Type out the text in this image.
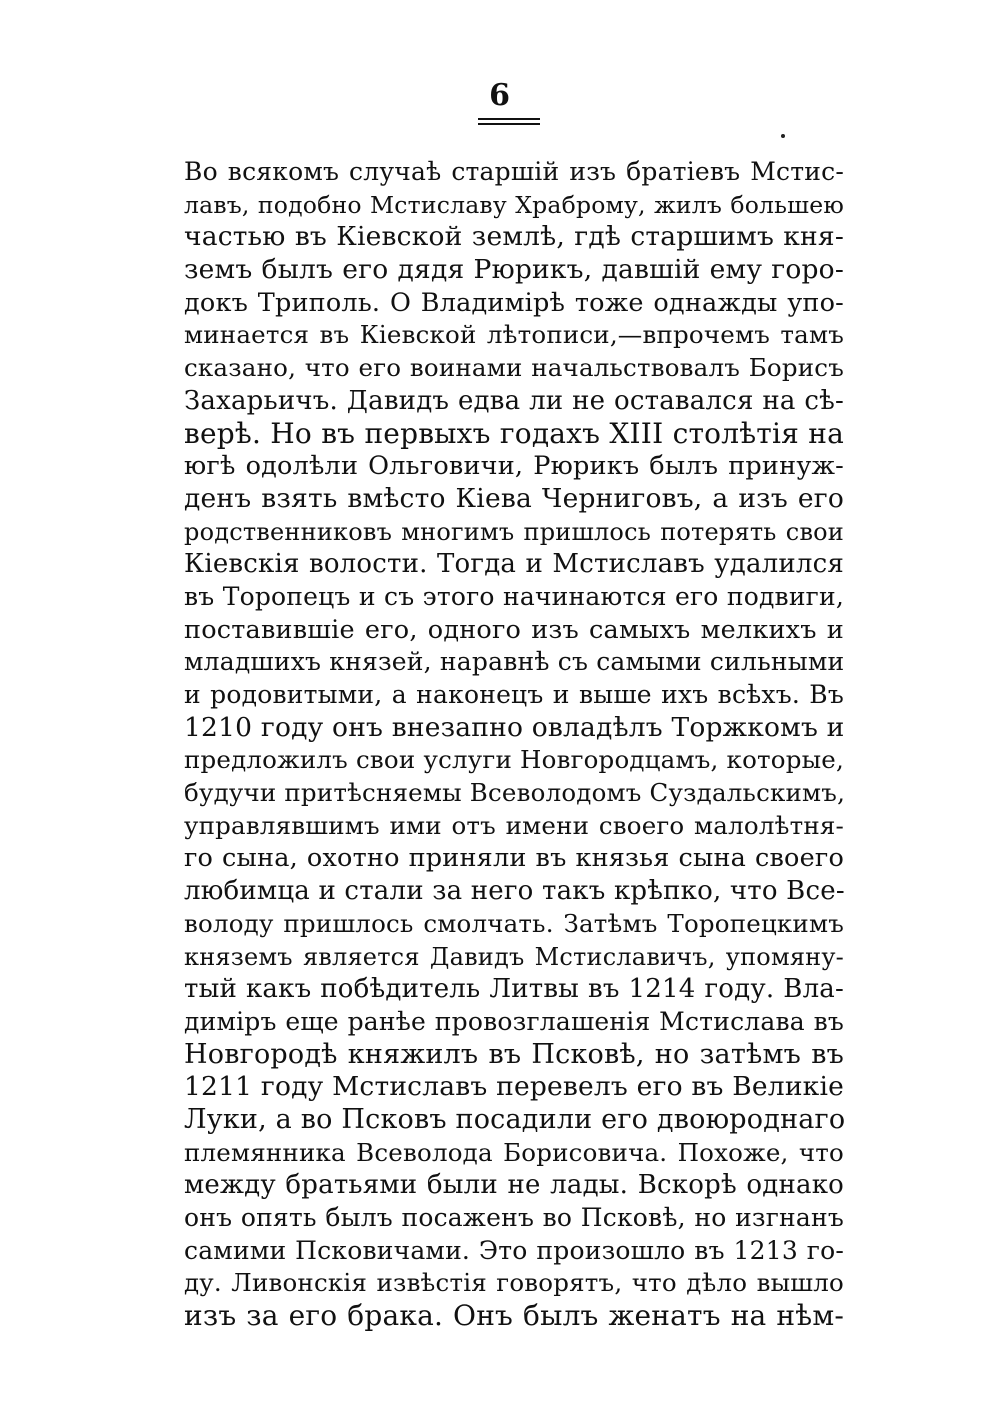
6
Во всякомъ случаѣ старшій изъ братiевъ Мстис-
лавъ, подобно Мстиславу Храброму, жилъ большею
частью въ Кіевской землѣ, гдѣ старшимъ кня-
земъ былъ его дядя Рюрикъ, давшій ему горо-
докъ Триполь. О Владимірѣ тоже однажды упо-
минается въ Кіевской лѣтописи,—впрочемъ тамъ
сказано, что его воинами начальствовалъ Борисъ
Захарьичъ. Давидъ едва ли не оставался на сѣ-
верѣ. Но въ первыхъ годахъ XIII столѣтія на
югѣ одолѣли Ольговичи, Рюрикъ былъ принуж-
денъ взять вмѣсто Кіева Черниговъ, а изъ его
родственниковъ многимъ пришлось потерять свои
Кіевскія волости. Тогда и Мстиславъ удалился
въ Торопецъ и съ этого начинаются его подвиги,
поставившіе его, одного изъ самыхъ мелкихъ и
младшихъ князей, наравнѣ съ самыми сильными
и родовитыми, а наконецъ и выше ихъ всѣхъ. Въ
1210 году онъ внезапно овладѣлъ Торжкомъ и
предложилъ свои услуги Новгородцамъ, которые,
будучи притѣсняемы Всеволодомъ Суздальскимъ,
управлявшимъ ими отъ имени своего малолѣтня-
го сына, охотно приняли въ князья сына своего
любимца и стали за него такъ крѣпко, что Все-
володу пришлось смолчать. Затѣмъ Торопецкимъ
княземъ является Давидъ Мстиславичъ, упомяну-
тый какъ побѣдитель Литвы въ 1214 году. Вла-
диміръ еще ранѣе провозглашенія Мстислава въ
Новгородѣ княжилъ въ Псковѣ, но затѣмъ въ
1211 году Мстиславъ перевелъ его въ Великіе
Луки, а во Псковъ посадили его двоюроднаго
племянника Всеволода Борисовича. Похоже, что
между братьями были не лады. Вскорѣ однако
онъ опять былъ посаженъ во Псковѣ, но изгнанъ
самими Псковичами. Это произошло въ 1213 го-
ду. Ливонскія извѣстія говорятъ, что дѣло вышло
изъ за его брака. Онъ былъ женатъ на нѣм-
